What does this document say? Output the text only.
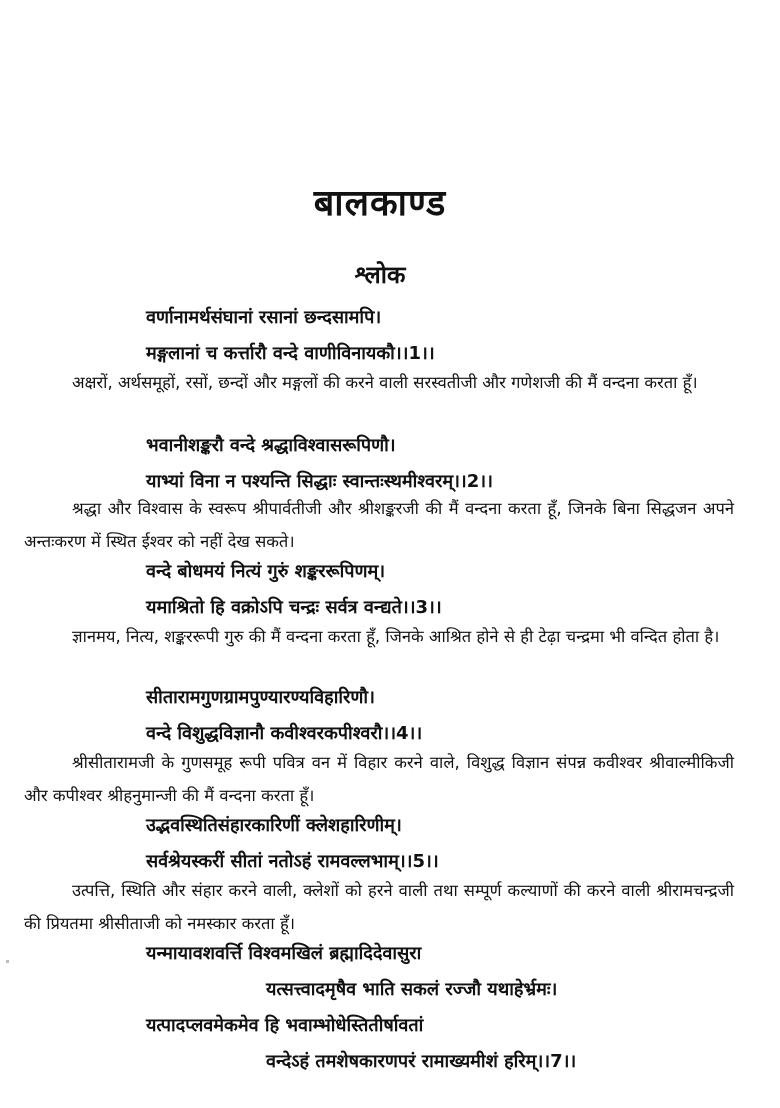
बालकाण्ड
श्लोक
वर्णानामर्थसंघानां रसानां छन्दसामपि।
मङ्गलानां च कर्त्तारौ वन्दे वाणीविनायकौ।।1।।
अक्षरों, अर्थसमूहों, रसों, छन्दों और मङ्गलों की करने वाली सरस्वतीजी और गणेशजी की मैं वन्दना करता हूँ।
भवानीशङ्करौ वन्दे श्रद्धाविश्वासरूपिणौ।
याभ्यां विना न पश्यन्ति सिद्धाः स्वान्तःस्थमीश्वरम्।।2।।
श्रद्धा और विश्वास के स्वरूप श्रीपार्वतीजी और श्रीशङ्करजी की मैं वन्दना करता हूँ, जिनके बिना सिद्धजन अपने अन्तःकरण में स्थित ईश्वर को नहीं देख सकते।
वन्दे बोधमयं नित्यं गुरुं शङ्कररूपिणम्।
यमाश्रितो हि वक्रोऽपि चन्द्रः सर्वत्र वन्द्यते।।3।।
ज्ञानमय, नित्य, शङ्कररूपी गुरु की मैं वन्दना करता हूँ, जिनके आश्रित होने से ही टेढ़ा चन्द्रमा भी वन्दित होता है।
सीतारामगुणग्रामपुण्यारण्यविहारिणौ।
वन्दे विशुद्धविज्ञानौ कवीश्वरकपीश्वरौ।।4।।
श्रीसीतारामजी के गुणसमूह रूपी पवित्र वन में विहार करने वाले, विशुद्ध विज्ञान संपन्न कवीश्वर श्रीवाल्मीकिजी और कपीश्वर श्रीहनुमान्जी की मैं वन्दना करता हूँ।
उद्भवस्थितिसंहारकारिणीं क्लेशहारिणीम्।
सर्वश्रेयस्करीं सीतां नतोऽहं रामवल्लभाम्।।5।।
उत्पत्ति, स्थिति और संहार करने वाली, क्लेशों को हरने वाली तथा सम्पूर्ण कल्याणों की करने वाली श्रीरामचन्द्रजी की प्रियतमा श्रीसीताजी को नमस्कार करता हूँ।
यन्मायावशवर्त्ति विश्वमखिलं ब्रह्मादिदेवासुरा
यत्सत्त्वादमृषैव भाति सकलं रज्जौ यथाहेर्भ्रमः।
यत्पादप्लवमेकमेव हि भवाम्भोधेस्तितीर्षावतां
वन्देऽहं तमशेषकारणपरं रामाख्यमीशं हरिम्।।7।।
